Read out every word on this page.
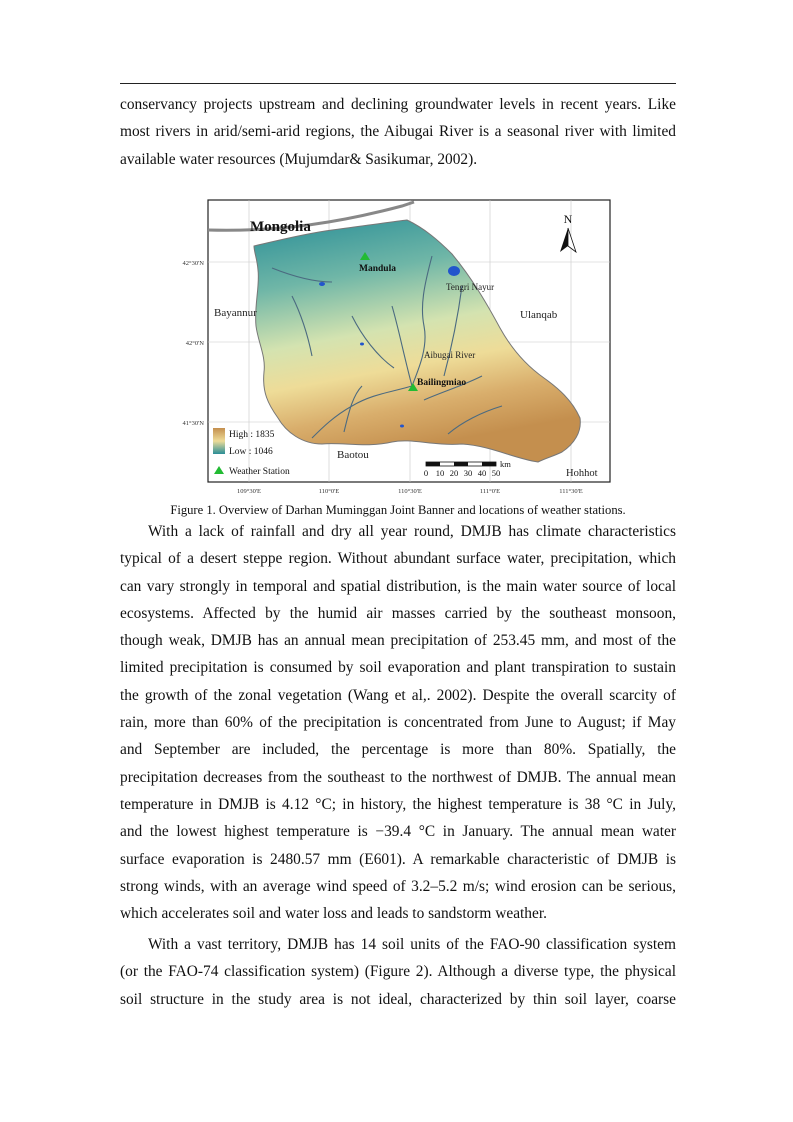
conservancy projects upstream and declining groundwater levels in recent years. Like
most rivers in arid/semi-arid regions, the Aibugai River is a seasonal river with limited
available water resources (Mujumdar& Sasikumar, 2002).
Mongolia	N
Bayannur	Ulanqab
Baotou
Hohhot
Mandula
Bailingmiao
Tengri Nayur
Aibugai River
42°30'N
42°0'N
41°30'N
109°30'E	110°0'E	110°30'E	111°0'E	111°30'E
High : 1835
Low : 1046
Weather Station	0 10 20 30 40 50
km
Figure 1. Overview of Darhan Muminggan Joint Banner and locations of weather stations.
With a lack of rainfall and dry all year round, DMJB has climate characteristics
typical of a desert steppe region. Without abundant surface water, precipitation, which
can vary strongly in temporal and spatial distribution, is the main water source of local
ecosystems. Affected by the humid air masses carried by the southeast monsoon,
though weak, DMJB has an annual mean precipitation of 253.45 mm, and most of the
limited precipitation is consumed by soil evaporation and plant transpiration to sustain
the growth of the zonal vegetation (Wang et al,. 2002). Despite the overall scarcity of
rain, more than 60% of the precipitation is concentrated from June to August; if May
and September are included, the percentage is more than 80%. Spatially, the
precipitation decreases from the southeast to the northwest of DMJB. The annual mean
temperature in DMJB is 4.12 °C; in history, the highest temperature is 38 °C in July,
and the lowest highest temperature is −39.4 °C in January. The annual mean water
surface evaporation is 2480.57 mm (E601). A remarkable characteristic of DMJB is
strong winds, with an average wind speed of 3.2–5.2 m/s; wind erosion can be serious,
which accelerates soil and water loss and leads to sandstorm weather.
With a vast territory, DMJB has 14 soil units of the FAO-90 classification system
(or the FAO-74 classification system) (Figure 2). Although a diverse type, the physical
soil structure in the study area is not ideal, characterized by thin soil layer, coarse
